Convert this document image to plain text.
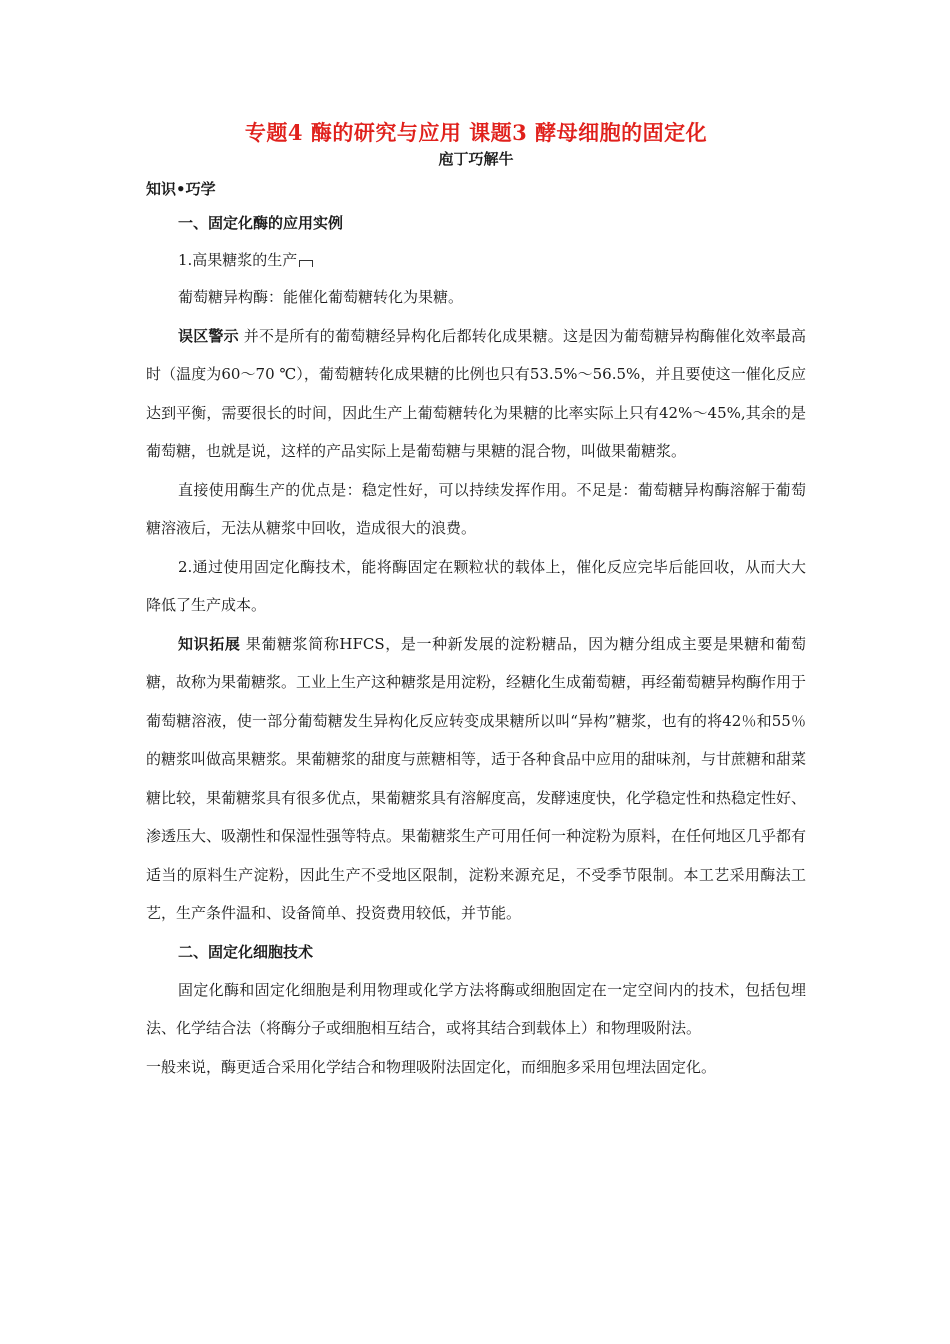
专题4 酶的研究与应用 课题3 酵母细胞的固定化
庖丁巧解牛
知识•巧学
一、固定化酶的应用实例
1.高果糖浆的生产

葡萄糖异构酶：能催化葡萄糖转化为果糖。

误区警示 并不是所有的葡萄糖经异构化后都转化成果糖。这是因为葡萄糖异构酶催化效率最高时（温度为60～70 ℃），葡萄糖转化成果糖的比例也只有53.5%～56.5%，并且要使这一催化反应达到平衡，需要很长的时间，因此生产上葡萄糖转化为果糖的比率实际上只有42%～45%,其余的是葡萄糖，也就是说，这样的产品实际上是葡萄糖与果糖的混合物，叫做果葡糖浆。

直接使用酶生产的优点是：稳定性好，可以持续发挥作用。不足是：葡萄糖异构酶溶解于葡萄糖溶液后，无法从糖浆中回收，造成很大的浪费。

2.通过使用固定化酶技术，能将酶固定在颗粒状的载体上，催化反应完毕后能回收，从而大大降低了生产成本。

知识拓展 果葡糖浆简称HFCS，是一种新发展的淀粉糖品，因为糖分组成主要是果糖和葡萄糖，故称为果葡糖浆。工业上生产这种糖浆是用淀粉，经糖化生成葡萄糖，再经葡萄糖异构酶作用于葡萄糖溶液，使一部分葡萄糖发生异构化反应转变成果糖所以叫“异构”糖浆，也有的将42％和55％的糖浆叫做高果糖浆。果葡糖浆的甜度与蔗糖相等，适于各种食品中应用的甜味剂，与甘蔗糖和甜菜糖比较，果葡糖浆具有很多优点，果葡糖浆具有溶解度高，发酵速度快，化学稳定性和热稳定性好、渗透压大、吸潮性和保湿性强等特点。果葡糖浆生产可用任何一种淀粉为原料，在任何地区几乎都有适当的原料生产淀粉，因此生产不受地区限制，淀粉来源充足，不受季节限制。本工艺采用酶法工艺，生产条件温和、设备简单、投资费用较低，并节能。

二、固定化细胞技术

固定化酶和固定化细胞是利用物理或化学方法将酶或细胞固定在一定空间内的技术，包括包埋法、化学结合法（将酶分子或细胞相互结合，或将其结合到载体上）和物理吸附法。

一般来说，酶更适合采用化学结合和物理吸附法固定化，而细胞多采用包埋法固定化。
